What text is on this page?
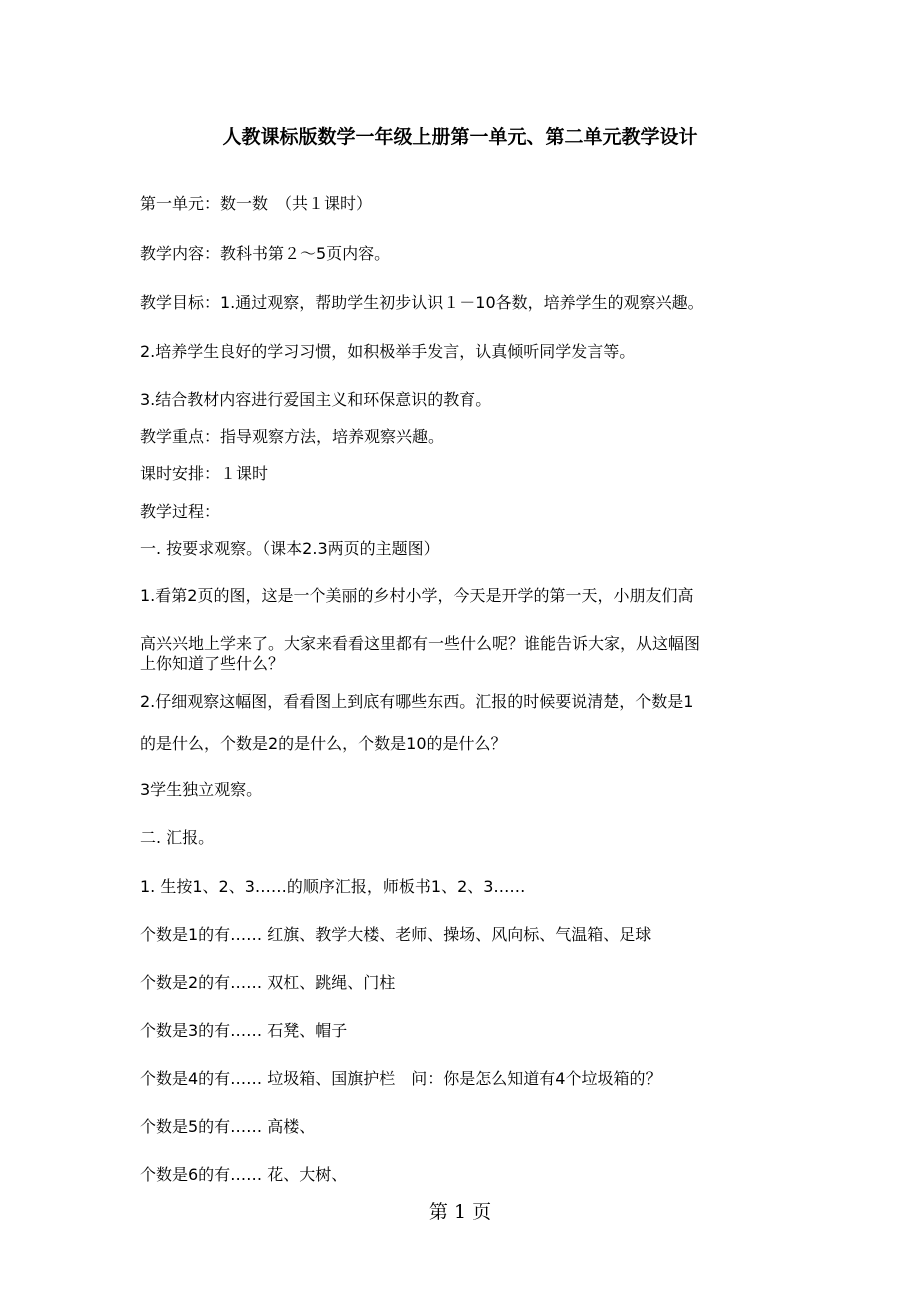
人教课标版数学一年级上册第一单元、第二单元教学设计
第一单元：数一数　（共１课时）
教学内容：教科书第２～5页内容。
教学目标：1.通过观察，帮助学生初步认识１－10各数，培养学生的观察兴趣。
2.培养学生良好的学习习惯，如积极举手发言，认真倾听同学发言等。
3.结合教材内容进行爱国主义和环保意识的教育。
教学重点：指导观察方法，培养观察兴趣。
课时安排：１课时
教学过程：
一. 按要求观察。（课本2.3两页的主题图）
1.看第2页的图，这是一个美丽的乡村小学，今天是开学的第一天，小朋友们高
高兴兴地上学来了。大家来看看这里都有一些什么呢？谁能告诉大家，从这幅图
上你知道了些什么？
2.仔细观察这幅图，看看图上到底有哪些东西。汇报的时候要说清楚，个数是1
的是什么，个数是2的是什么，个数是10的是什么？
3学生独立观察。
二. 汇报。
1. 生按1、2、3……的顺序汇报，师板书1、2、3……
个数是1的有…… 红旗、教学大楼、老师、操场、风向标、气温箱、足球
个数是2的有…… 双杠、跳绳、门柱
个数是3的有…… 石凳、帽子
个数是4的有…… 垃圾箱、国旗护栏　问：你是怎么知道有4个垃圾箱的？
个数是5的有…… 高楼、
个数是6的有…… 花、大树、
第 1 页
